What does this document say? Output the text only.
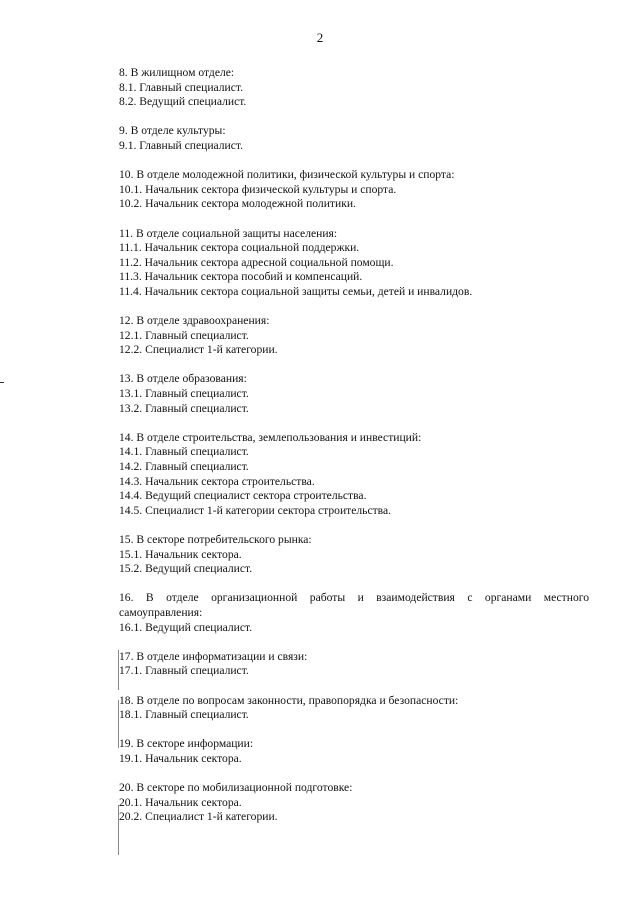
2
8. В жилищном отделе:
8.1. Главный специалист.
8.2. Ведущий специалист.
9. В отделе культуры:
9.1. Главный специалист.
10. В отделе молодежной политики, физической культуры и спорта:
10.1. Начальник сектора физической культуры и спорта.
10.2. Начальник сектора молодежной политики.
11. В отделе социальной защиты населения:
11.1. Начальник сектора социальной поддержки.
11.2. Начальник сектора адресной социальной помощи.
11.3. Начальник сектора пособий и компенсаций.
11.4. Начальник сектора социальной защиты семьи, детей и инвалидов.
12. В отделе здравоохранения:
12.1. Главный специалист.
12.2. Специалист 1-й категории.
13. В отделе образования:
13.1. Главный специалист.
13.2. Главный специалист.
14. В отделе строительства, землепользования и инвестиций:
14.1. Главный специалист.
14.2. Главный специалист.
14.3. Начальник сектора строительства.
14.4. Ведущий специалист сектора строительства.
14.5. Специалист 1-й категории сектора строительства.
15. В секторе потребительского рынка:
15.1. Начальник сектора.
15.2. Ведущий специалист.
16. В отделе организационной работы и взаимодействия с органами местного самоуправления:
16.1. Ведущий специалист.
17. В отделе информатизации и связи:
17.1. Главный специалист.
18. В отделе по вопросам законности, правопорядка и безопасности:
18.1. Главный специалист.
19. В секторе информации:
19.1. Начальник сектора.
20. В секторе по мобилизационной подготовке:
20.1. Начальник сектора.
20.2. Специалист 1-й категории.
